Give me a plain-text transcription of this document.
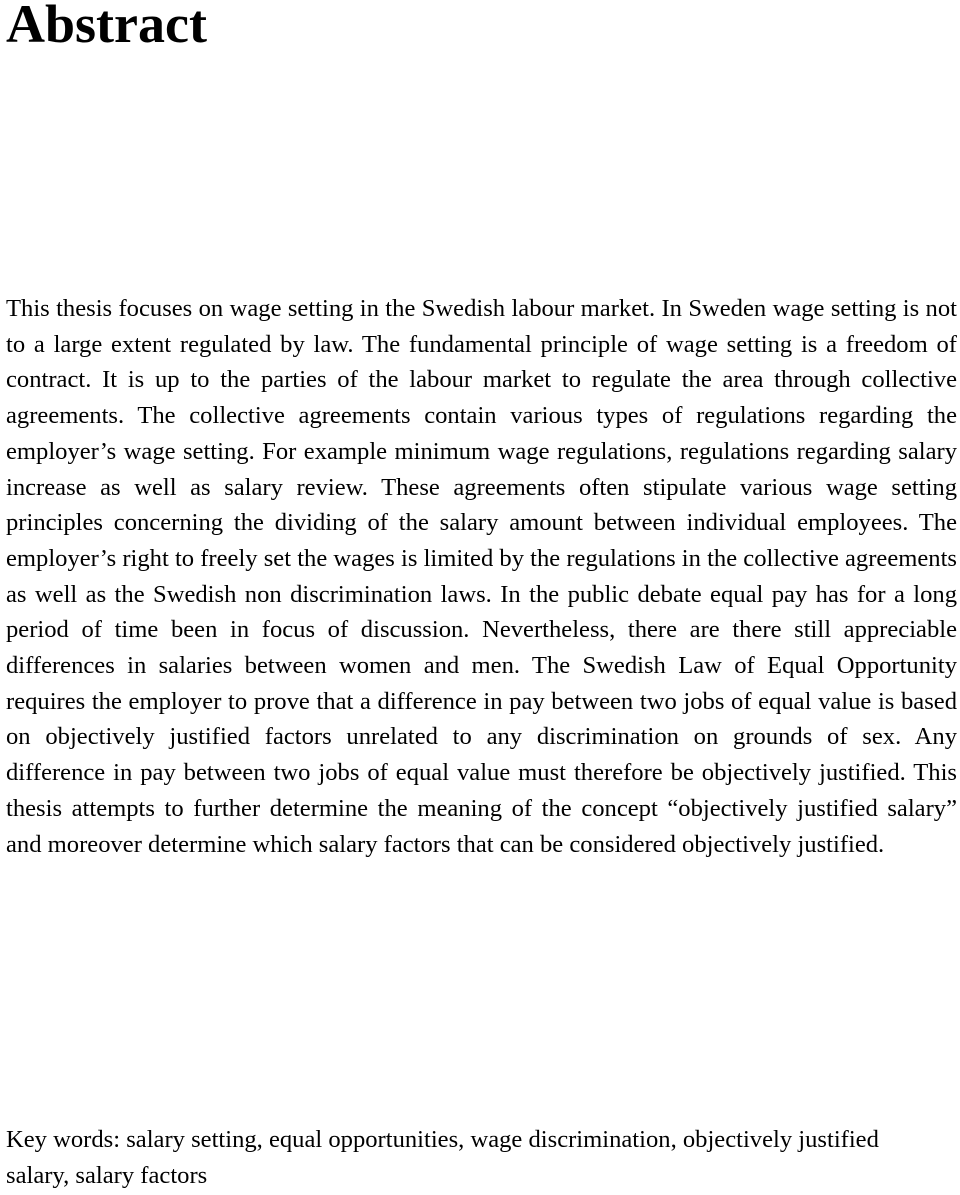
Abstract

This thesis focuses on wage setting in the Swedish labour market. In Sweden wage setting is not to a large extent regulated by law. The fundamental principle of wage setting is a freedom of contract. It is up to the parties of the labour market to regulate the area through collective agreements. The collective agreements contain various types of regulations regarding the employer’s wage setting. For example minimum wage regulations, regulations regarding salary increase as well as salary review. These agreements often stipulate various wage setting principles concerning the dividing of the salary amount between individual employees. The employer’s right to freely set the wages is limited by the regulations in the collective agreements as well as the Swedish non discrimination laws. In the public debate equal pay has for a long period of time been in focus of discussion. Nevertheless, there are there still appreciable differences in salaries between women and men. The Swedish Law of Equal Opportunity requires the employer to prove that a difference in pay between two jobs of equal value is based on objectively justified factors unrelated to any discrimination on grounds of sex. Any difference in pay between two jobs of equal value must therefore be objectively justified. This thesis attempts to further determine the meaning of the concept “objectively justified salary” and moreover determine which salary factors that can be considered objectively justified.

Key words: salary setting, equal opportunities, wage discrimination, objectively justified salary, salary factors
